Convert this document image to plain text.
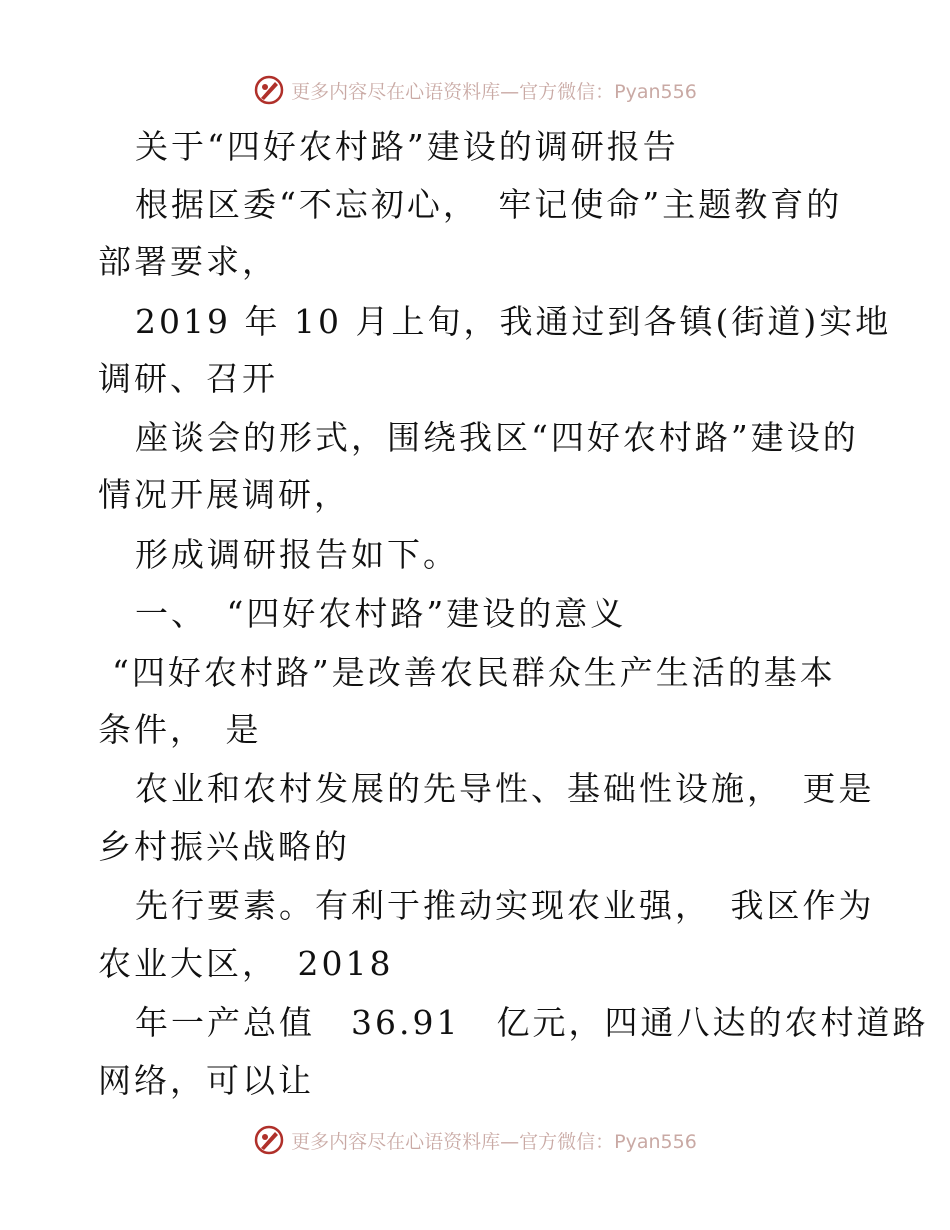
更多内容尽在心语资料库—官方微信：Pyan556
关于“四好农村路”建设的调研报告
根据区委“不忘初心，　牢记使命”主题教育的
部署要求，
2019 年 10 月上旬，我通过到各镇(街道)实地
调研、召开
座谈会的形式，围绕我区“四好农村路”建设的
情况开展调研，
形成调研报告如下。
一、　“四好农村路”建设的意义
“四好农村路”是改善农民群众生产生活的基本
条件，　是
农业和农村发展的先导性、基础性设施，　更是
乡村振兴战略的
先行要素。有利于推动实现农业强，　我区作为
农业大区，　2018
年一产总值　36.91　亿元，四通八达的农村道路
网络，可以让
更多内容尽在心语资料库—官方微信：Pyan556
